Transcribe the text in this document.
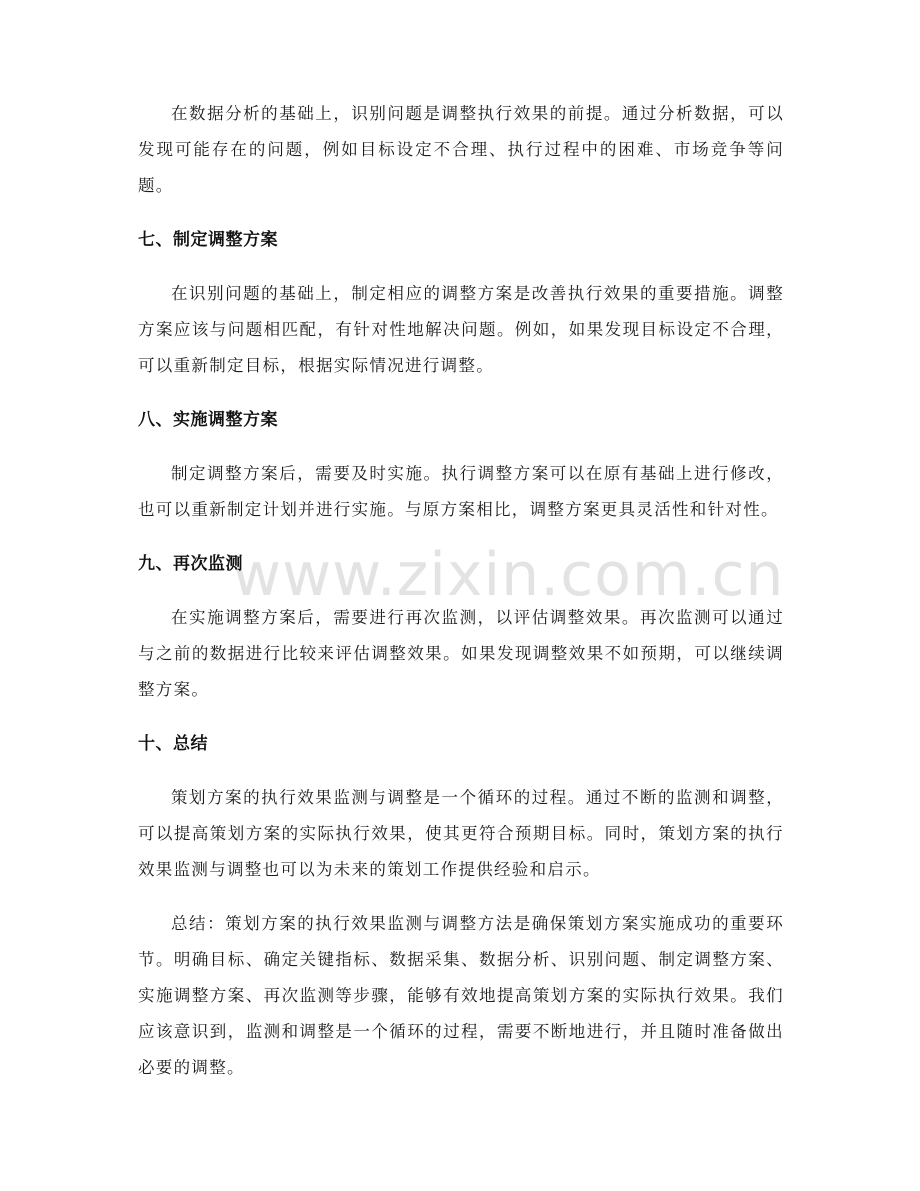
www.zixin.com.cn

在数据分析的基础上，识别问题是调整执行效果的前提。通过分析数据，可以发现可能存在的问题，例如目标设定不合理、执行过程中的困难、市场竞争等问题。

七、制定调整方案

在识别问题的基础上，制定相应的调整方案是改善执行效果的重要措施。调整方案应该与问题相匹配，有针对性地解决问题。例如，如果发现目标设定不合理，可以重新制定目标，根据实际情况进行调整。

八、实施调整方案

制定调整方案后，需要及时实施。执行调整方案可以在原有基础上进行修改，也可以重新制定计划并进行实施。与原方案相比，调整方案更具灵活性和针对性。

九、再次监测

在实施调整方案后，需要进行再次监测，以评估调整效果。再次监测可以通过与之前的数据进行比较来评估调整效果。如果发现调整效果不如预期，可以继续调整方案。

十、总结

策划方案的执行效果监测与调整是一个循环的过程。通过不断的监测和调整，可以提高策划方案的实际执行效果，使其更符合预期目标。同时，策划方案的执行效果监测与调整也可以为未来的策划工作提供经验和启示。

总结：策划方案的执行效果监测与调整方法是确保策划方案实施成功的重要环节。明确目标、确定关键指标、数据采集、数据分析、识别问题、制定调整方案、实施调整方案、再次监测等步骤，能够有效地提高策划方案的实际执行效果。我们应该意识到，监测和调整是一个循环的过程，需要不断地进行，并且随时准备做出必要的调整。
